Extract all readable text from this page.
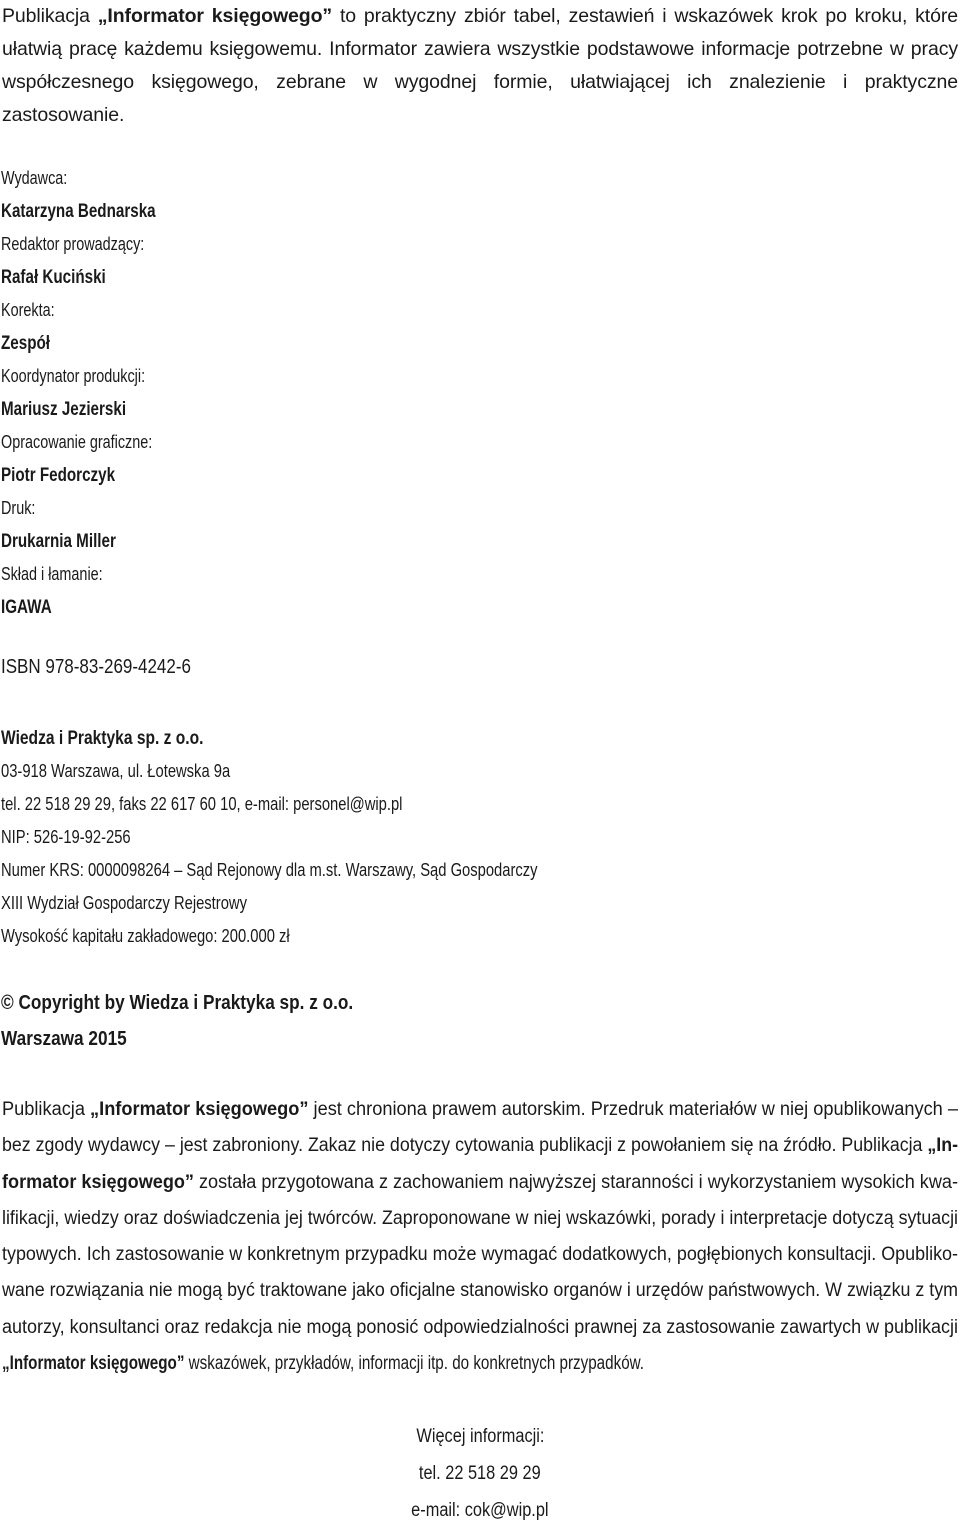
Publikacja „Informator księgowego” to praktyczny zbiór tabel, zestawień i wskazówek krok po kroku, które ułatwią pracę każdemu księgowemu. Informator zawiera wszystkie podstawowe informacje potrzebne w pracy współczesnego księgowego, zebrane w wygodnej formie, ułatwiającej ich znalezienie i praktyczne zastosowanie.
Wydawca:
Katarzyna Bednarska
Redaktor prowadzący:
Rafał Kuciński
Korekta:
Zespół
Koordynator produkcji:
Mariusz Jezierski
Opracowanie graficzne:
Piotr Fedorczyk
Druk:
Drukarnia Miller
Skład i łamanie:
IGAWA
ISBN 978-83-269-4242-6
Wiedza i Praktyka sp. z o.o.
03-918 Warszawa, ul. Łotewska 9a
tel. 22 518 29 29, faks 22 617 60 10, e-mail: personel@wip.pl
NIP: 526-19-92-256
Numer KRS: 0000098264 – Sąd Rejonowy dla m.st. Warszawy, Sąd Gospodarczy
XIII Wydział Gospodarczy Rejestrowy
Wysokość kapitału zakładowego: 200.000 zł
© Copyright by Wiedza i Praktyka sp. z o.o.
Warszawa 2015
Publikacja „Informator księgowego” jest chroniona prawem autorskim. Przedruk materiałów w niej opublikowanych –
bez zgody wydawcy – jest zabroniony. Zakaz nie dotyczy cytowania publikacji z powołaniem się na źródło. Publikacja „In-
formator księgowego” została przygotowana z zachowaniem najwyższej staranności i wykorzystaniem wysokich kwa-
lifikacji, wiedzy oraz doświadczenia jej twórców. Zaproponowane w niej wskazówki, porady i interpretacje dotyczą sytuacji
typowych. Ich zastosowanie w konkretnym przypadku może wymagać dodatkowych, pogłębionych konsultacji. Opubliko-
wane rozwiązania nie mogą być traktowane jako oficjalne stanowisko organów i urzędów państwowych. W związku z tym
autorzy, konsultanci oraz redakcja nie mogą ponosić odpowiedzialności prawnej za zastosowanie zawartych w publikacji
„Informator księgowego” wskazówek, przykładów, informacji itp. do konkretnych przypadków.
Więcej informacji:
tel. 22 518 29 29
e-mail: cok@wip.pl
